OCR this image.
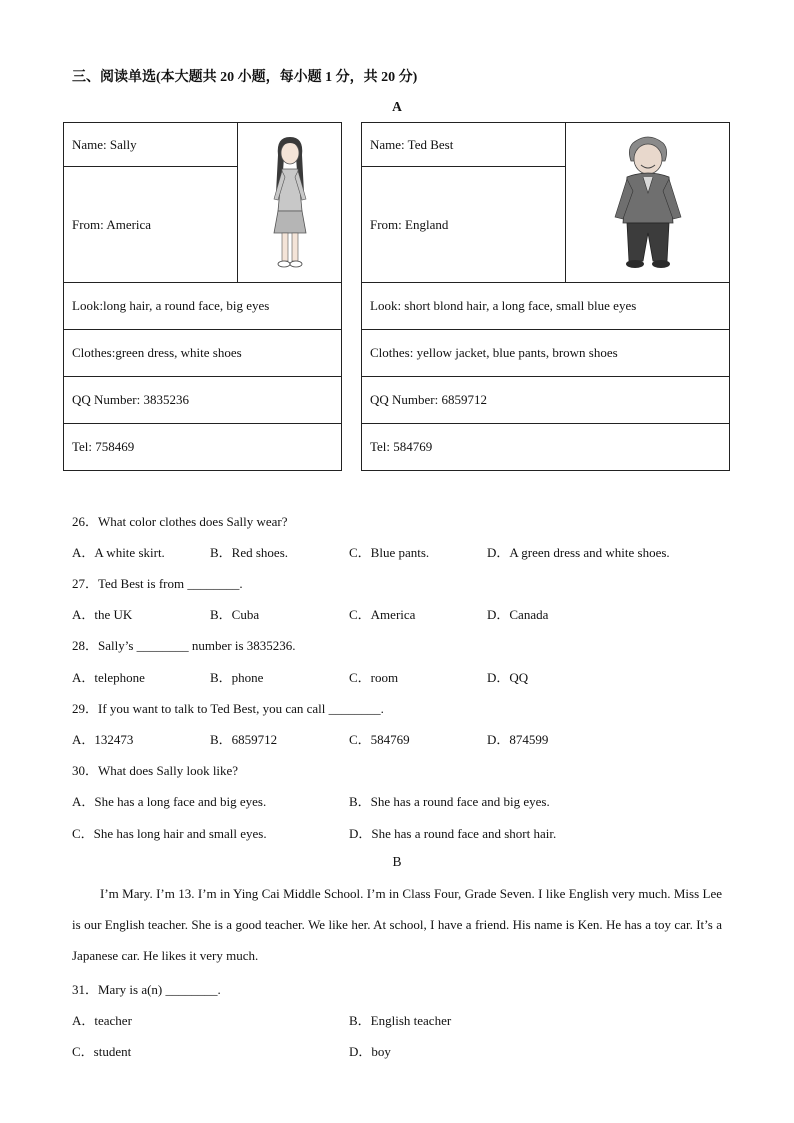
三、阅读单选(本大题共 20 小题，每小题 1 分，共 20 分)
A
Name: Sally
From: America
Look:long hair, a round face, big eyes
Clothes:green dress, white shoes
QQ Number: 3835236
Tel: 758469
Name: Ted Best
From: England
Look: short blond hair, a long face, small blue eyes
Clothes: yellow jacket, blue pants, brown shoes
QQ Number: 6859712
Tel: 584769
26．What color clothes does Sally wear?
A．A white skirt.	B．Red shoes.	C．Blue pants.	D．A green dress and white shoes.
27．Ted Best is from ________.
A．the UK	B．Cuba	C．America	D．Canada
28．Sally’s ________ number is 3835236.
A．telephone	B．phone	C．room	D．QQ
29．If you want to talk to Ted Best, you can call ________.
A．132473	B．6859712	C．584769	D．874599
30．What does Sally look like?
A．She has a long face and big eyes.	B．She has a round face and big eyes.
C．She has long hair and small eyes.	D．She has a round face and short hair.
B
I’m Mary. I’m 13. I’m in Ying Cai Middle School. I’m in Class Four, Grade Seven. I like English very much. Miss Lee is our English teacher. She is a good teacher. We like her. At school, I have a friend. His name is Ken. He has a toy car. It’s a Japanese car. He likes it very much.
31．Mary is a(n) ________.
A．teacher	B．English teacher
C．student	D．boy
